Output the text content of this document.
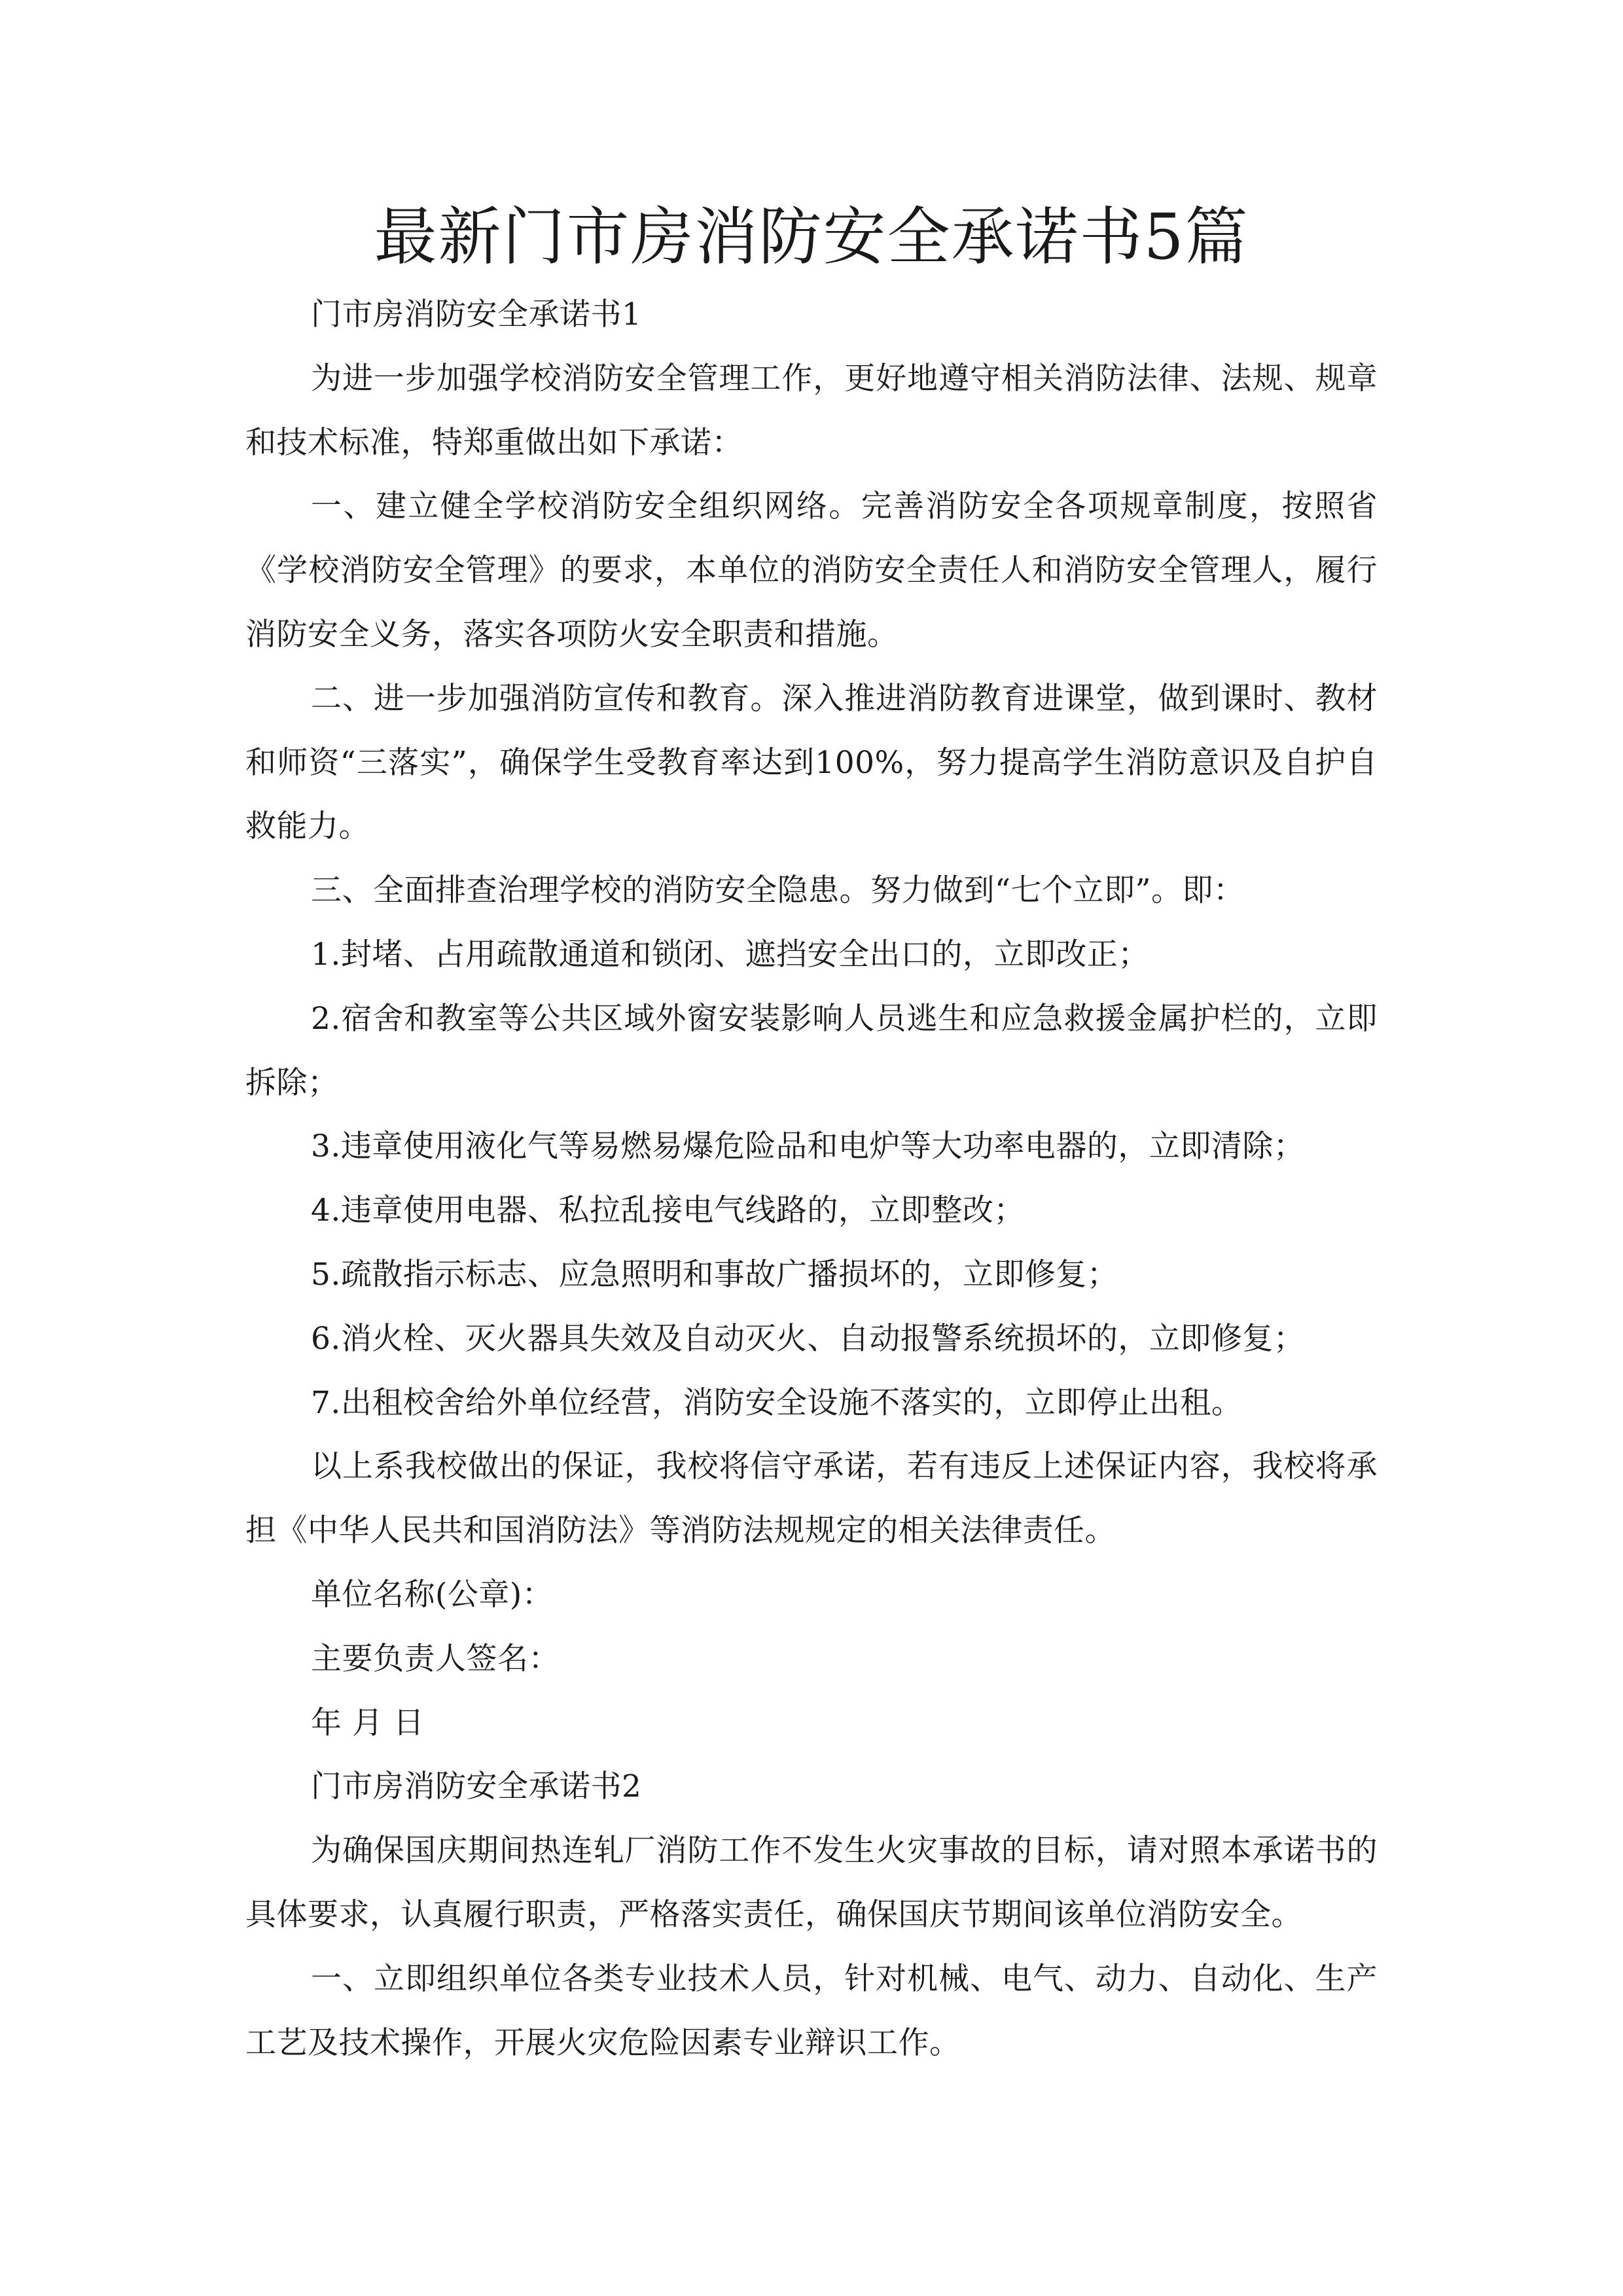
最新门市房消防安全承诺书5篇

门市房消防安全承诺书1

为进一步加强学校消防安全管理工作，更好地遵守相关消防法律、法规、规章和技术标准，特郑重做出如下承诺：

一、建立健全学校消防安全组织网络。完善消防安全各项规章制度，按照省《学校消防安全管理》的要求，本单位的消防安全责任人和消防安全管理人，履行消防安全义务，落实各项防火安全职责和措施。

二、进一步加强消防宣传和教育。深入推进消防教育进课堂，做到课时、教材和师资“三落实”，确保学生受教育率达到100%，努力提高学生消防意识及自护自救能力。

三、全面排查治理学校的消防安全隐患。努力做到“七个立即”。即：

1.封堵、占用疏散通道和锁闭、遮挡安全出口的，立即改正；

2.宿舍和教室等公共区域外窗安装影响人员逃生和应急救援金属护栏的，立即拆除；

3.违章使用液化气等易燃易爆危险品和电炉等大功率电器的，立即清除；

4.违章使用电器、私拉乱接电气线路的，立即整改；

5.疏散指示标志、应急照明和事故广播损坏的，立即修复；

6.消火栓、灭火器具失效及自动灭火、自动报警系统损坏的，立即修复；

7.出租校舍给外单位经营，消防安全设施不落实的，立即停止出租。

以上系我校做出的保证，我校将信守承诺，若有违反上述保证内容，我校将承担《中华人民共和国消防法》等消防法规规定的相关法律责任。

单位名称(公章)：

主要负责人签名：

年 月 日

门市房消防安全承诺书2

为确保国庆期间热连轧厂消防工作不发生火灾事故的目标，请对照本承诺书的具体要求，认真履行职责，严格落实责任，确保国庆节期间该单位消防安全。

一、立即组织单位各类专业技术人员，针对机械、电气、动力、自动化、生产工艺及技术操作，开展火灾危险因素专业辩识工作。
